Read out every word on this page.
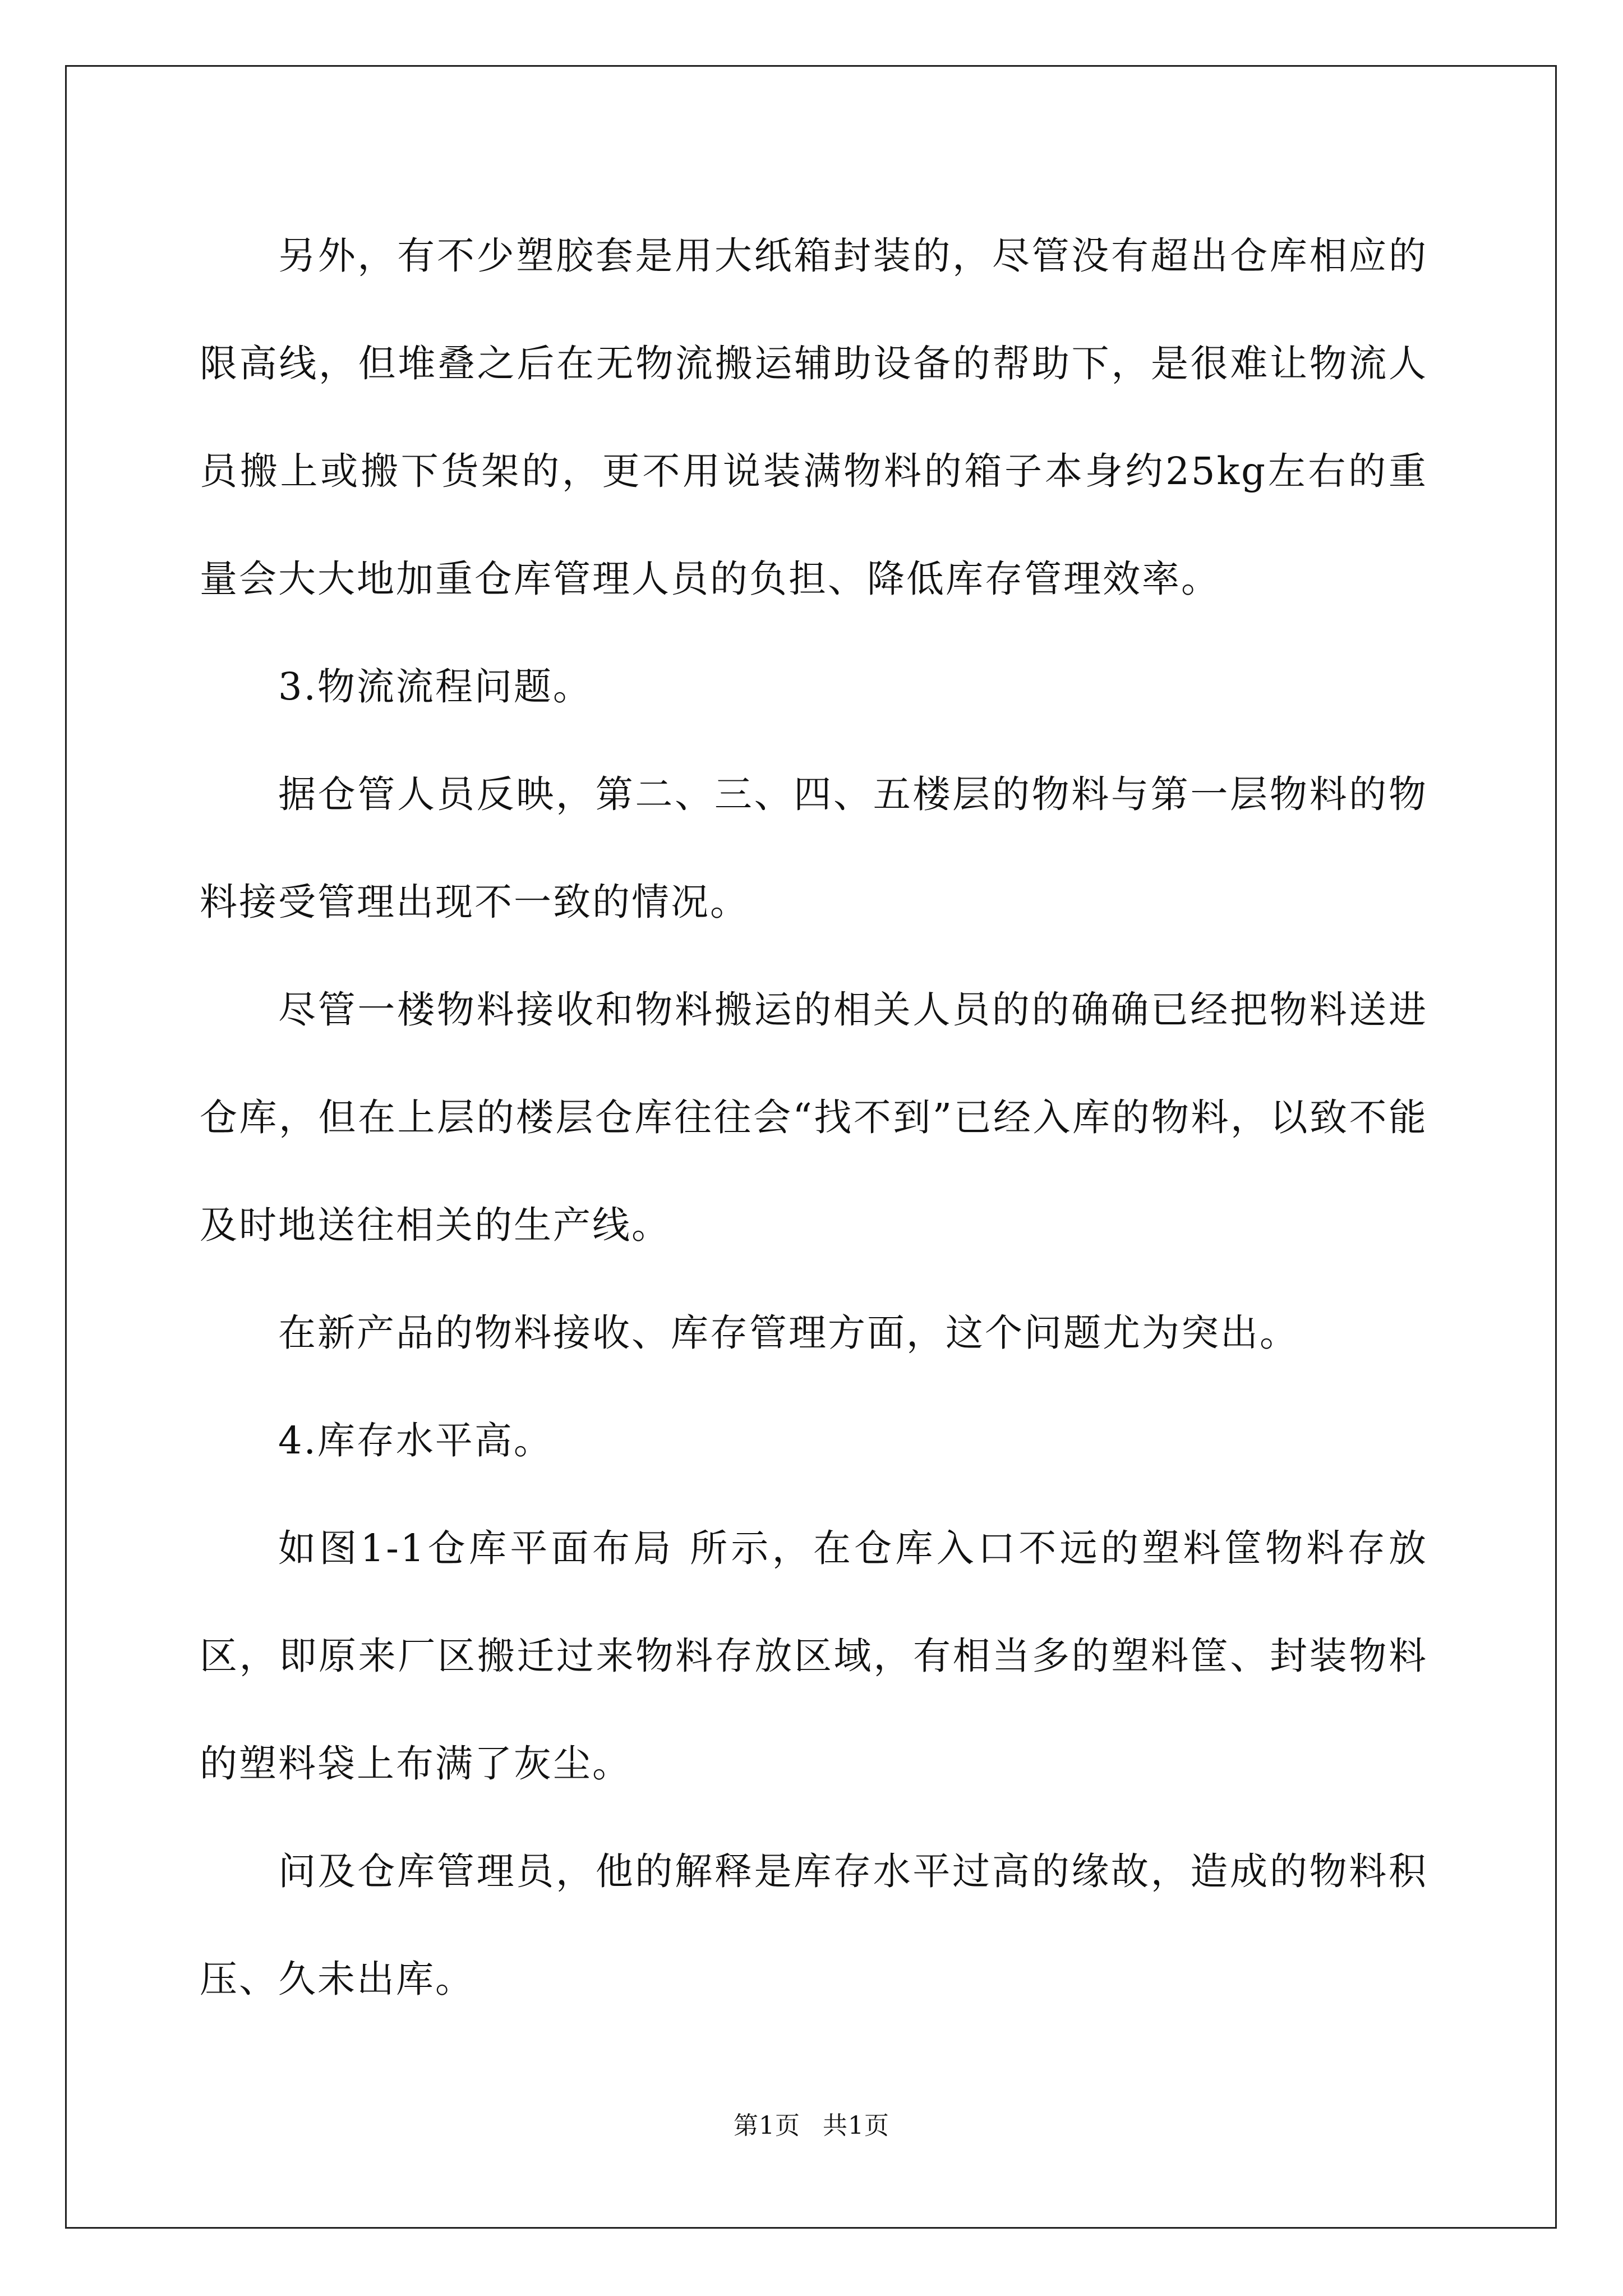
另外，有不少塑胶套是用大纸箱封装的，尽管没有超出仓库相应的限高线，但堆叠之后在无物流搬运辅助设备的帮助下，是很难让物流人员搬上或搬下货架的，更不用说装满物料的箱子本身约25kg左右的重量会大大地加重仓库管理人员的负担、降低库存管理效率。

3.物流流程问题。

据仓管人员反映，第二、三、四、五楼层的物料与第一层物料的物料接受管理出现不一致的情况。

尽管一楼物料接收和物料搬运的相关人员的的确确已经把物料送进仓库，但在上层的楼层仓库往往会“找不到”已经入库的物料，以致不能及时地送往相关的生产线。

在新产品的物料接收、库存管理方面，这个问题尤为突出。

4.库存水平高。

如图1-1仓库平面布局 所示，在仓库入口不远的塑料筐物料存放区，即原来厂区搬迁过来物料存放区域，有相当多的塑料筐、封装物料的塑料袋上布满了灰尘。

问及仓库管理员，他的解释是库存水平过高的缘故，造成的物料积压、久未出库。

第1页 共1页
